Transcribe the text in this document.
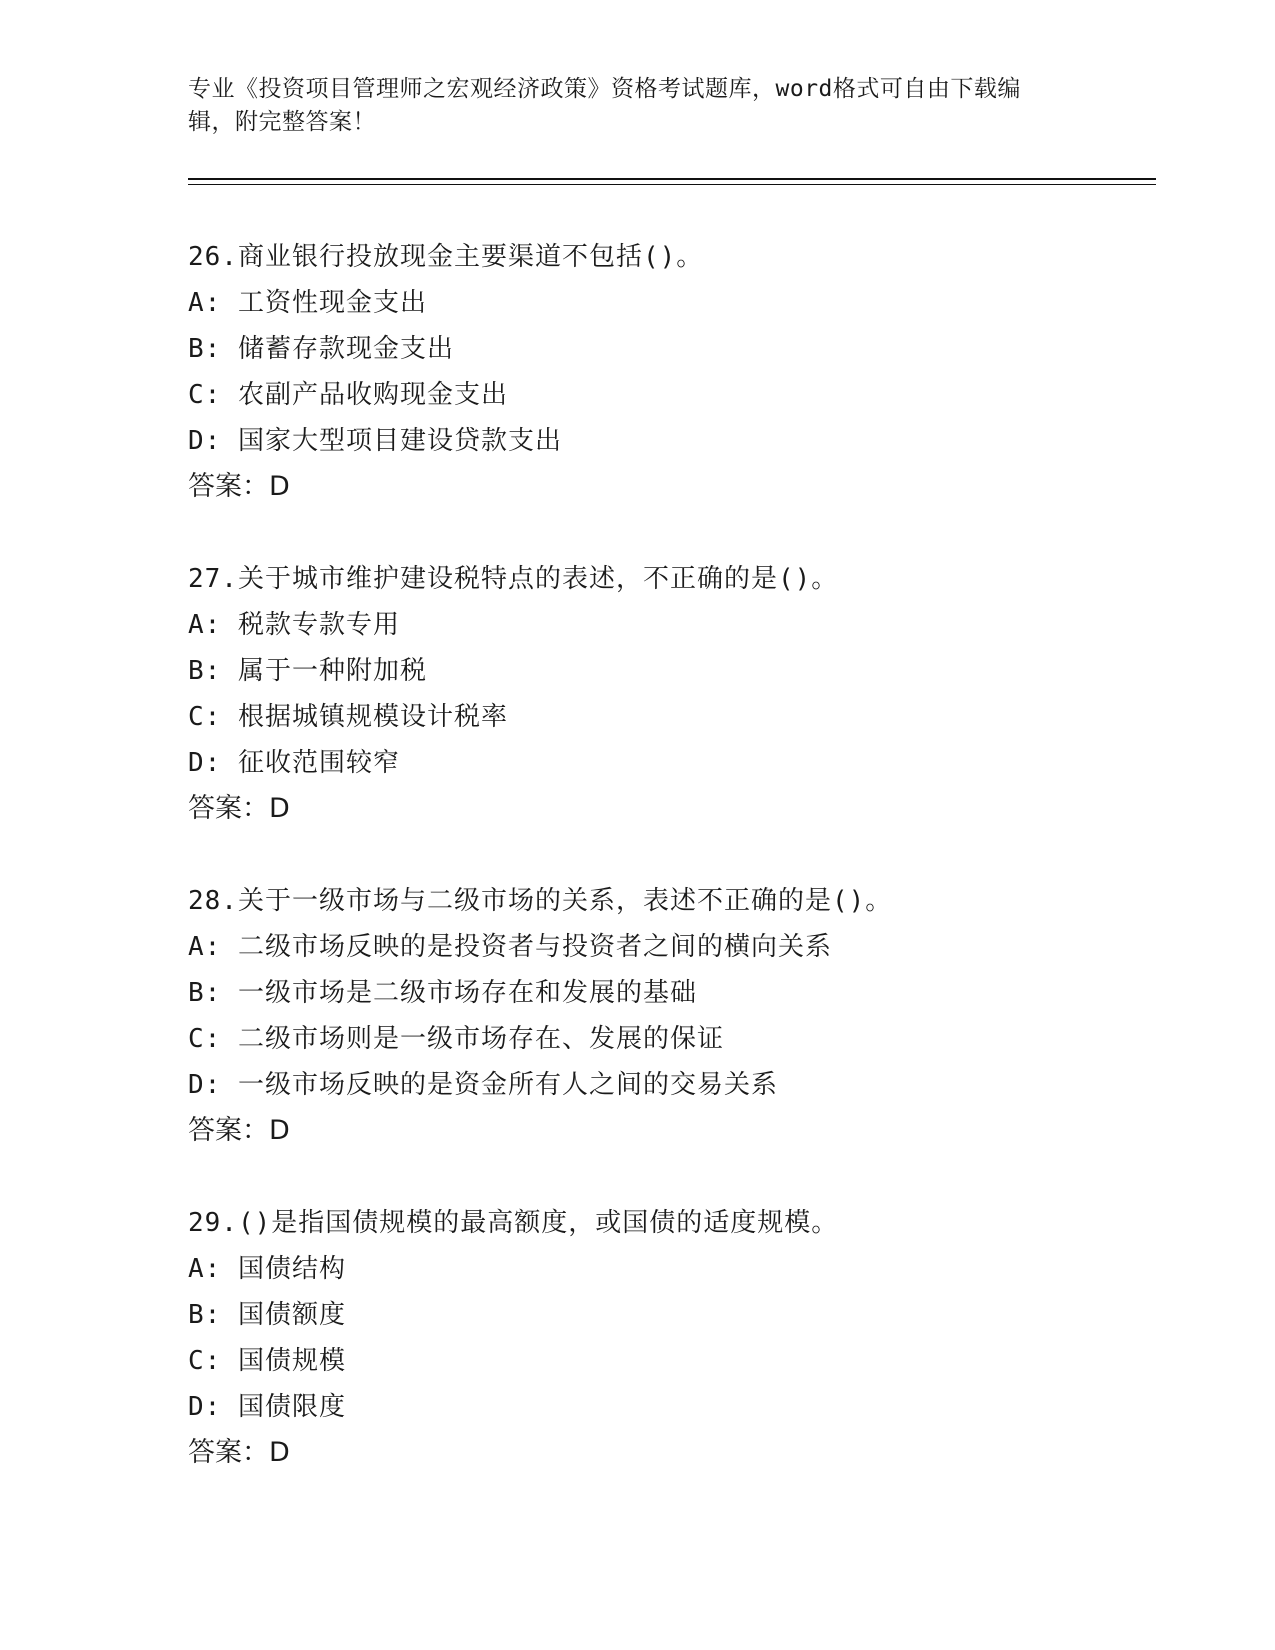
专业《投资项目管理师之宏观经济政策》资格考试题库，word格式可自由下载编
辑，附完整答案！
26.商业银行投放现金主要渠道不包括()。
A: 工资性现金支出
B: 储蓄存款现金支出
C: 农副产品收购现金支出
D: 国家大型项目建设贷款支出
答案：D
27.关于城市维护建设税特点的表述，不正确的是()。
A: 税款专款专用
B: 属于一种附加税
C: 根据城镇规模设计税率
D: 征收范围较窄
答案：D
28.关于一级市场与二级市场的关系，表述不正确的是()。
A: 二级市场反映的是投资者与投资者之间的横向关系
B: 一级市场是二级市场存在和发展的基础
C: 二级市场则是一级市场存在、发展的保证
D: 一级市场反映的是资金所有人之间的交易关系
答案：D
29.()是指国债规模的最高额度，或国债的适度规模。
A: 国债结构
B: 国债额度
C: 国债规模
D: 国债限度
答案：D
